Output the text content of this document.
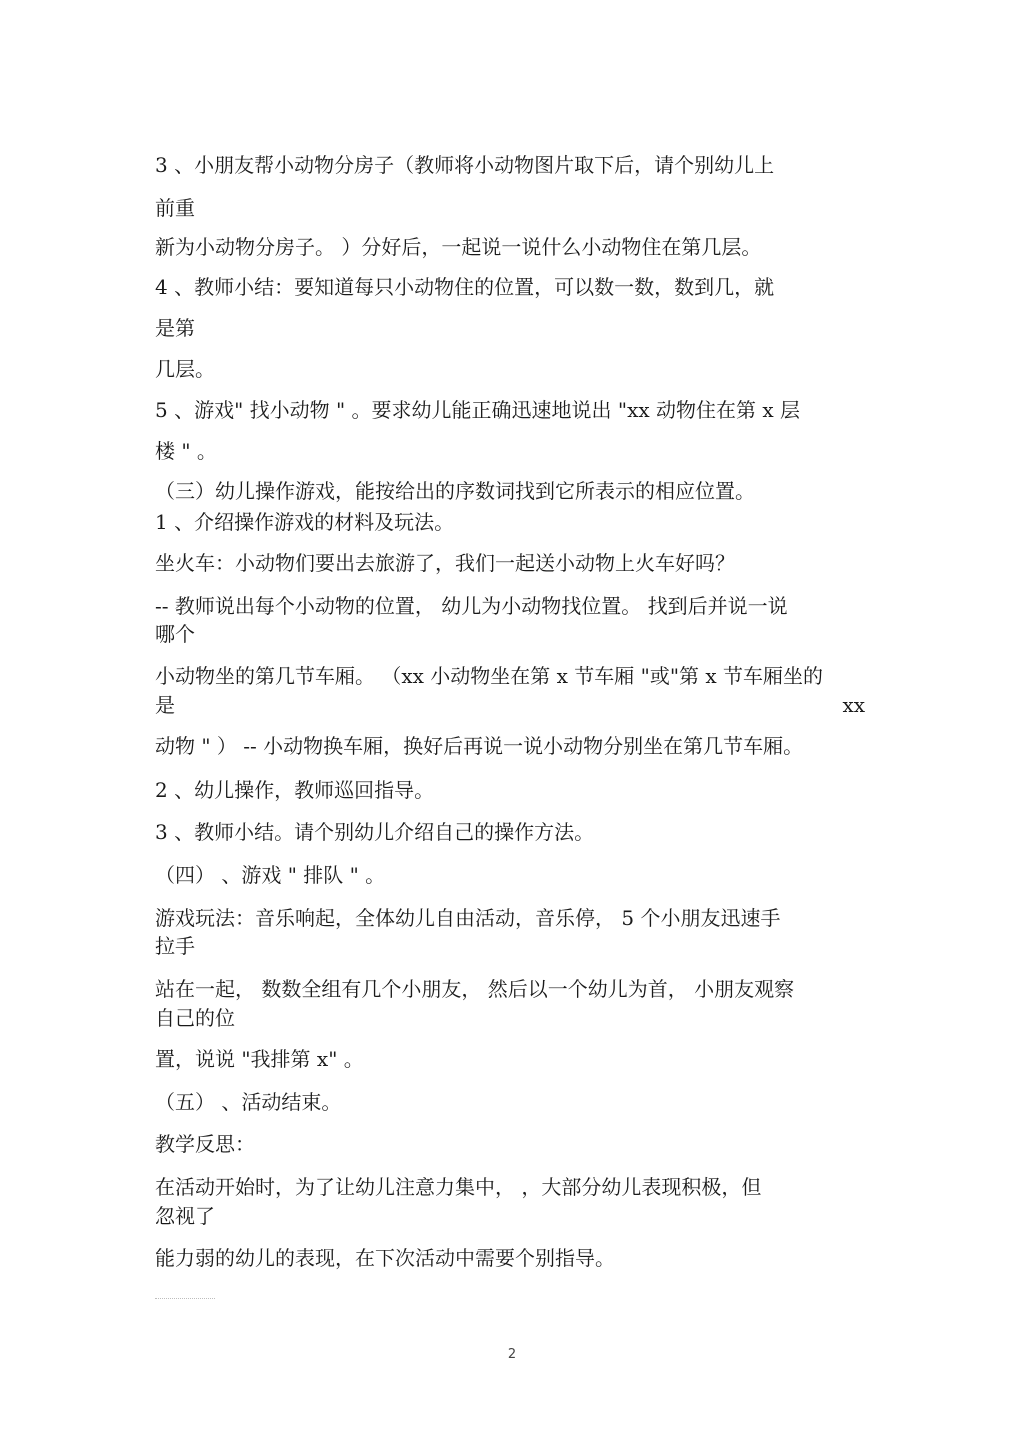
3 、小朋友帮小动物分房子（教师将小动物图片取下后，请个别幼儿上
前重
新为小动物分房子。 ）分好后，一起说一说什么小动物住在第几层。
4 、教师小结：要知道每只小动物住的位置，可以数一数，数到几，就
是第
几层。
5 、游戏" 找小动物 " 。要求幼儿能正确迅速地说出 "xx 动物住在第 x 层
楼 " 。
（三）幼儿操作游戏，能按给出的序数词找到它所表示的相应位置。
1 、介绍操作游戏的材料及玩法。
坐火车：小动物们要出去旅游了，我们一起送小动物上火车好吗？
-- 教师说出每个小动物的位置， 幼儿为小动物找位置。 找到后并说一说
哪个
小动物坐的第几节车厢。 （xx 小动物坐在第 x 节车厢 "或"第 x 节车厢坐的
是	xx
动物 " ） -- 小动物换车厢，换好后再说一说小动物分别坐在第几节车厢。
2 、幼儿操作，教师巡回指导。
3 、教师小结。请个别幼儿介绍自己的操作方法。
（四） 、游戏 " 排队 " 。
游戏玩法：音乐响起，全体幼儿自由活动，音乐停， 5 个小朋友迅速手
拉手
站在一起， 数数全组有几个小朋友， 然后以一个幼儿为首， 小朋友观察
自己的位
置，说说 "我排第 x" 。
（五） 、活动结束。
教学反思：
在活动开始时，为了让幼儿注意力集中， ，大部分幼儿表现积极，但
忽视了
能力弱的幼儿的表现，在下次活动中需要个别指导。
2
